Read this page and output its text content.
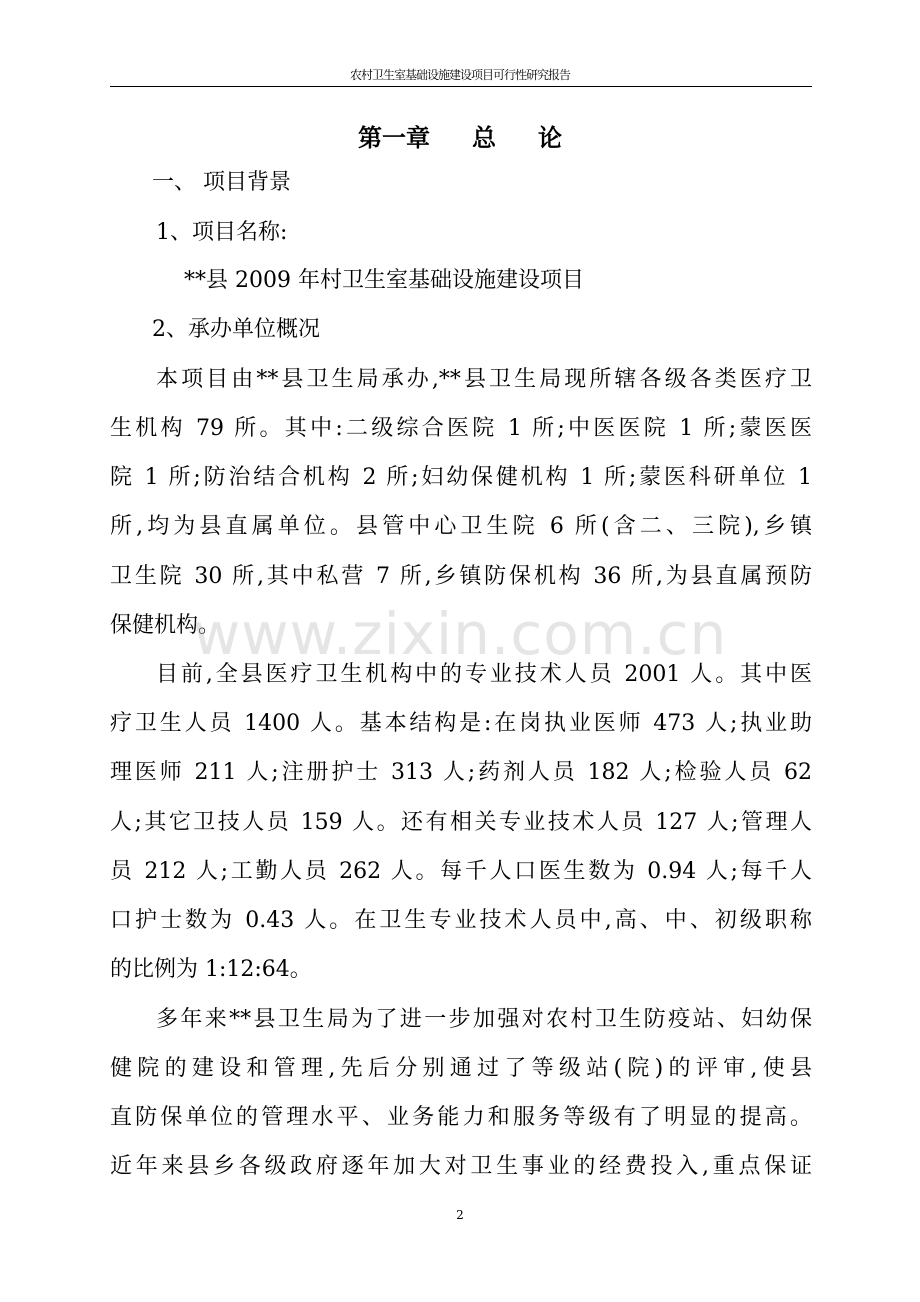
农村卫生室基础设施建设项目可行性研究报告
第一章 总 论
一、 项目背景
1、项目名称:
**县 2009 年村卫生室基础设施建设项目
2、承办单位概况
本项目由**县卫生局承办,**县卫生局现所辖各级各类医疗卫
生机构 79 所。其中:二级综合医院 1 所;中医医院 1 所;蒙医医
院 1 所;防治结合机构 2 所;妇幼保健机构 1 所;蒙医科研单位 1
所,均为县直属单位。县管中心卫生院 6 所(含二、三院),乡镇
卫生院 30 所,其中私营 7 所,乡镇防保机构 36 所,为县直属预防
保健机构。
www.zixin.com.cn
目前,全县医疗卫生机构中的专业技术人员 2001 人。其中医
疗卫生人员 1400 人。基本结构是:在岗执业医师 473 人;执业助
理医师 211 人;注册护士 313 人;药剂人员 182 人;检验人员 62
人;其它卫技人员 159 人。还有相关专业技术人员 127 人;管理人
员 212 人;工勤人员 262 人。每千人口医生数为 0.94 人;每千人
口护士数为 0.43 人。在卫生专业技术人员中,高、中、初级职称
的比例为 1:12:64。
多年来**县卫生局为了进一步加强对农村卫生防疫站、妇幼保
健院的建设和管理,先后分别通过了等级站(院)的评审,使县
直防保单位的管理水平、业务能力和服务等级有了明显的提高。
近年来县乡各级政府逐年加大对卫生事业的经费投入,重点保证
2
